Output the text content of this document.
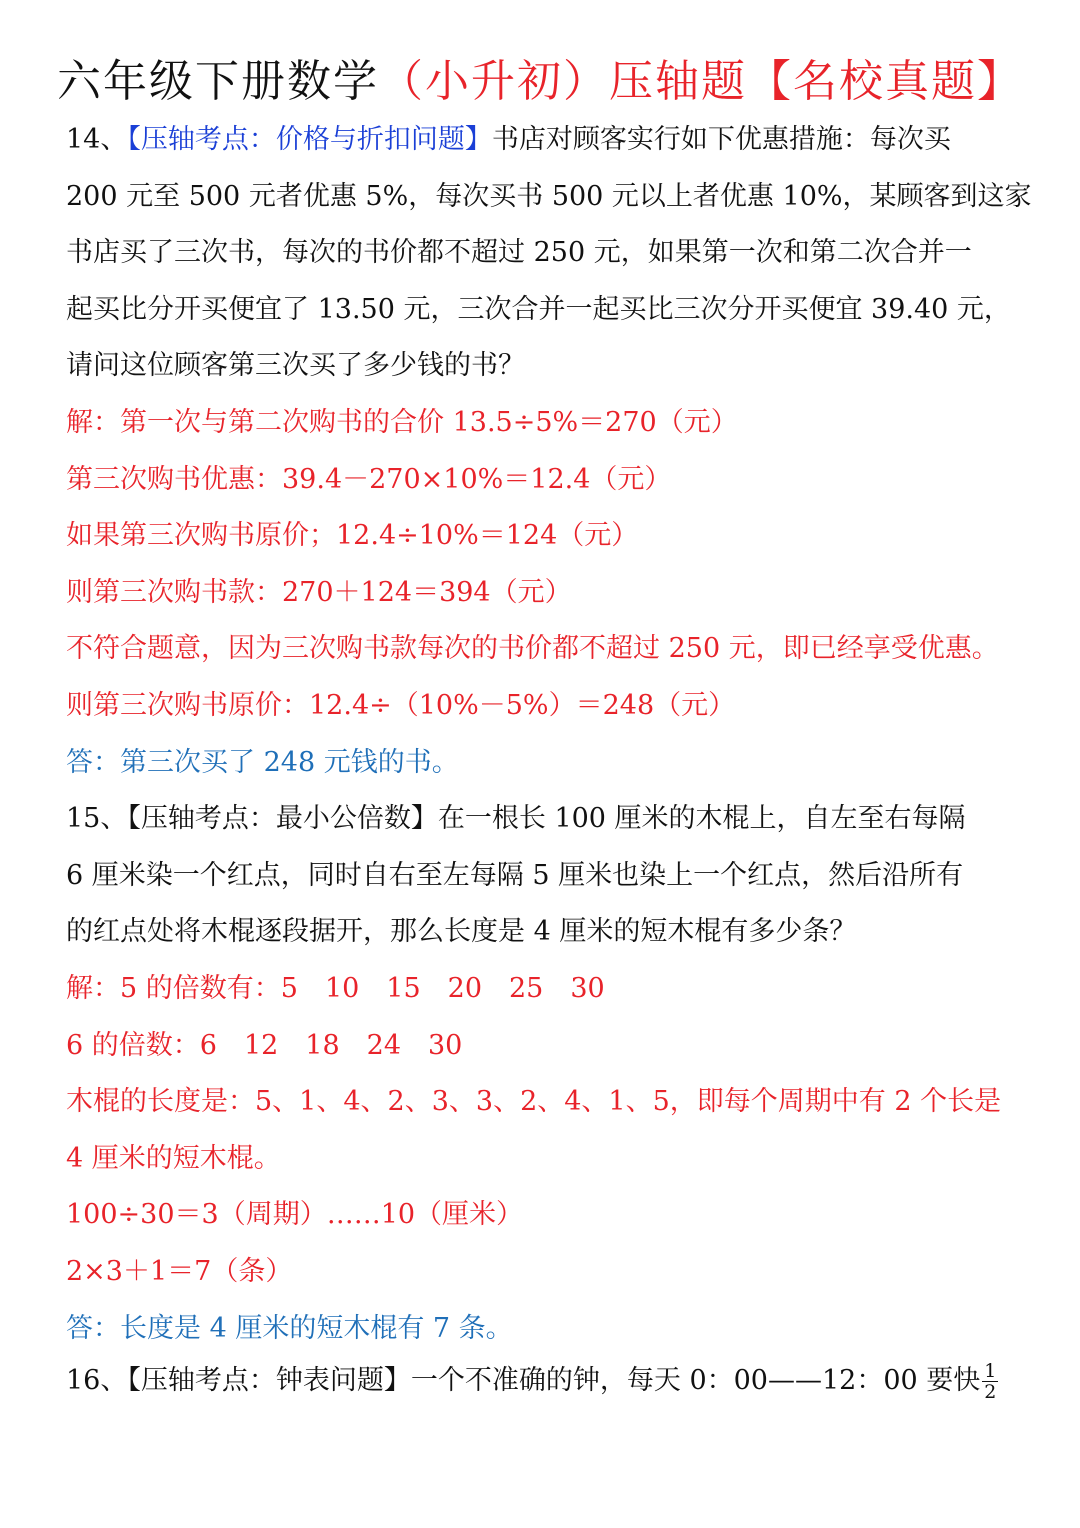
六年级下册数学（小升初）压轴题【名校真题】
14、【压轴考点：价格与折扣问题】书店对顾客实行如下优惠措施：每次买
200 元至 500 元者优惠 5%，每次买书 500 元以上者优惠 10%，某顾客到这家
书店买了三次书，每次的书价都不超过 250 元，如果第一次和第二次合并一
起买比分开买便宜了 13.50 元，三次合并一起买比三次分开买便宜 39.40 元，
请问这位顾客第三次买了多少钱的书？
解：第一次与第二次购书的合价 13.5÷5%＝270（元）
第三次购书优惠：39.4－270×10%＝12.4（元）
如果第三次购书原价；12.4÷10%＝124（元）
则第三次购书款：270＋124＝394（元）
不符合题意，因为三次购书款每次的书价都不超过 250 元，即已经享受优惠。
则第三次购书原价：12.4÷（10%－5%）＝248（元）
答：第三次买了 248 元钱的书。
15、【压轴考点：最小公倍数】在一根长 100 厘米的木棍上，自左至右每隔
6 厘米染一个红点，同时自右至左每隔 5 厘米也染上一个红点，然后沿所有
的红点处将木棍逐段据开，那么长度是 4 厘米的短木棍有多少条？
解：5 的倍数有：5　10　15　20　25　30
6 的倍数：6　12　18　24　30
木棍的长度是：5、1、4、2、3、3、2、4、1、5，即每个周期中有 2 个长是
4 厘米的短木棍。
100÷30＝3（周期）……10（厘米）
2×3＋1＝7（条）
答：长度是 4 厘米的短木棍有 7 条。
16、【压轴考点：钟表问题】一个不准确的钟，每天 0：00——12：00 要快 $\frac{1}{2}$
